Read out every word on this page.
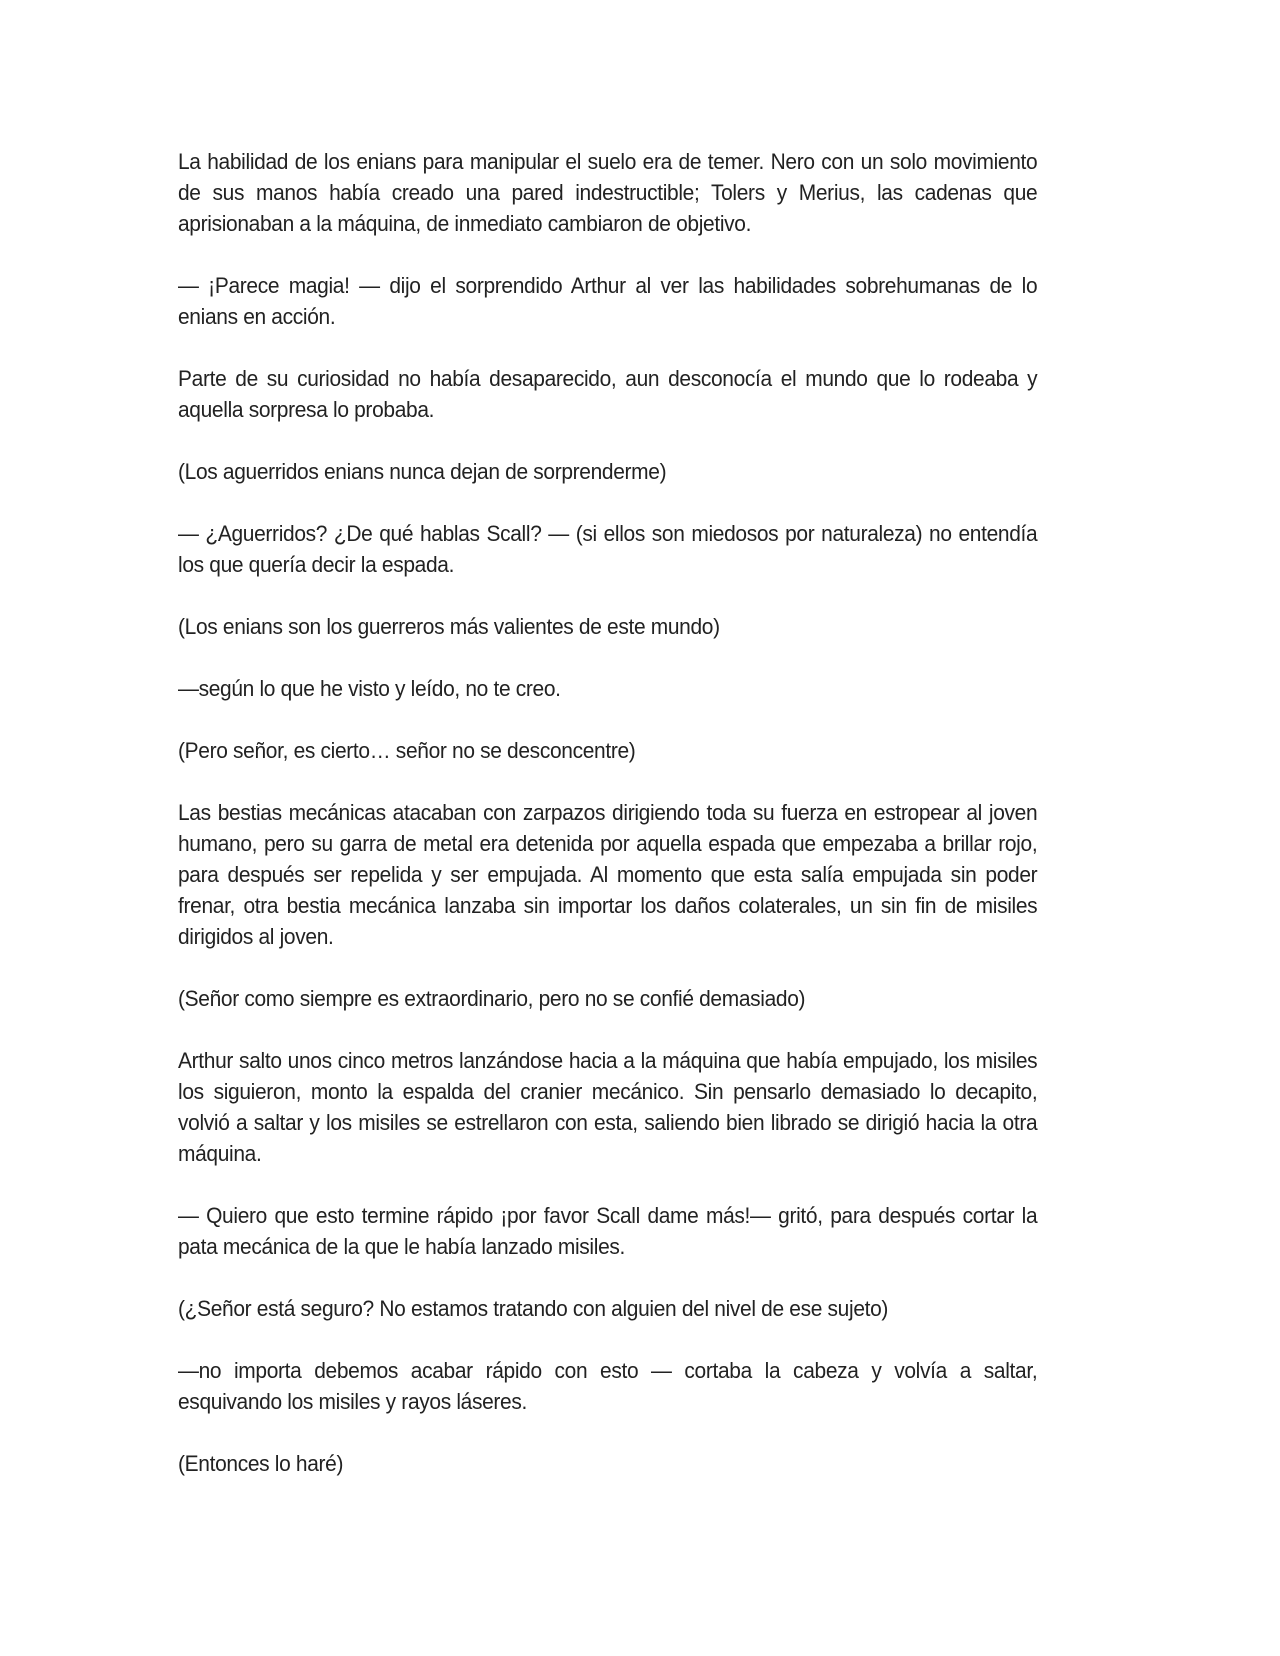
La habilidad de los enians para manipular el suelo era de temer. Nero con un solo movimiento de sus manos había creado una pared indestructible; Tolers y Merius, las cadenas que aprisionaban a la máquina, de inmediato cambiaron de objetivo.

— ¡Parece magia! — dijo el sorprendido Arthur al ver las habilidades sobrehumanas de lo enians en acción.

Parte de su curiosidad no había desaparecido, aun desconocía el mundo que lo rodeaba y aquella sorpresa lo probaba.

(Los aguerridos enians nunca dejan de sorprenderme)

— ¿Aguerridos? ¿De qué hablas Scall? — (si ellos son miedosos por naturaleza) no entendía los que quería decir la espada.

(Los enians son los guerreros más valientes de este mundo)

—según lo que he visto y leído, no te creo.

(Pero señor, es cierto… señor no se desconcentre)

Las bestias mecánicas atacaban con zarpazos dirigiendo toda su fuerza en estropear al joven humano, pero su garra de metal era detenida por aquella espada que empezaba a brillar rojo, para después ser repelida y ser empujada. Al momento que esta salía empujada sin poder frenar, otra bestia mecánica lanzaba sin importar los daños colaterales, un sin fin de misiles dirigidos al joven.

(Señor como siempre es extraordinario, pero no se confié demasiado)

Arthur salto unos cinco metros lanzándose hacia a la máquina que había empujado, los misiles los siguieron, monto la espalda del cranier mecánico. Sin pensarlo demasiado lo decapito, volvió a saltar y los misiles se estrellaron con esta, saliendo bien librado se dirigió hacia la otra máquina.

— Quiero que esto termine rápido ¡por favor Scall dame más!— gritó, para después cortar la pata mecánica de la que le había lanzado misiles.

(¿Señor está seguro? No estamos tratando con alguien del nivel de ese sujeto)

—no importa debemos acabar rápido con esto — cortaba la cabeza y volvía a saltar, esquivando los misiles y rayos láseres.

(Entonces lo haré)
